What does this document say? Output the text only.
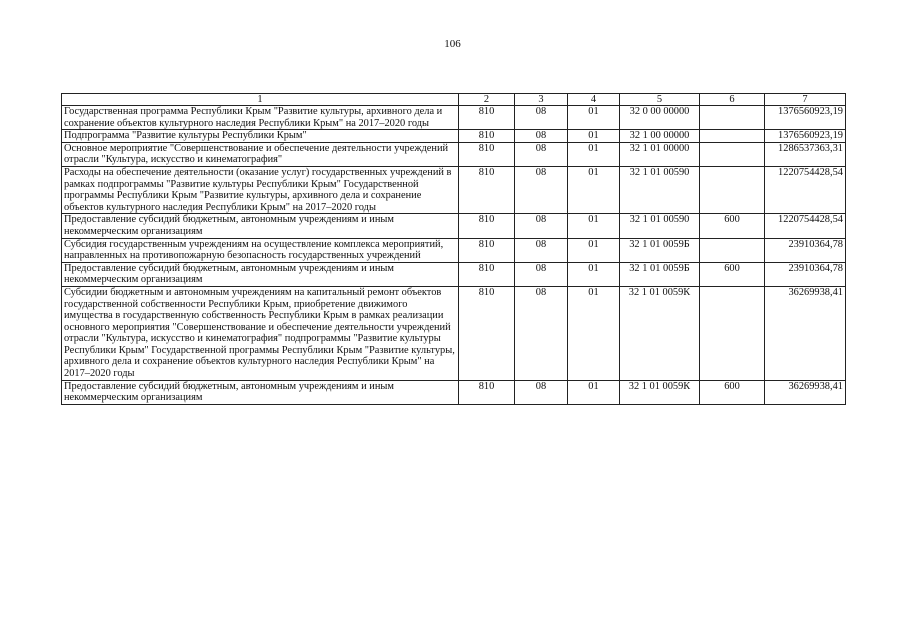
106
1	2	3	4	5	6	7
Государственная программа Республики Крым "Развитие культуры, архивного дела и сохранение объектов культурного наследия Республики Крым" на 2017–2020 годы	810	08	01	32 0 00 00000		1376560923,19
Подпрограмма "Развитие культуры Республики Крым"	810	08	01	32 1 00 00000		1376560923,19
Основное мероприятие "Совершенствование и обеспечение деятельности учреждений отрасли "Культура, искусство и кинематография"	810	08	01	32 1 01 00000		1286537363,31
Расходы на обеспечение деятельности (оказание услуг) государственных учреждений в рамках подпрограммы "Развитие культуры Республики Крым" Государственной программы Республики Крым "Развитие культуры, архивного дела и сохранение объектов культурного наследия Республики Крым" на 2017–2020 годы	810	08	01	32 1 01 00590		1220754428,54
Предоставление субсидий бюджетным, автономным учреждениям и иным некоммерческим организациям	810	08	01	32 1 01 00590	600	1220754428,54
Субсидия государственным учреждениям на осуществление комплекса мероприятий, направленных на противопожарную безопасность государственных учреждений	810	08	01	32 1 01 0059Б		23910364,78
Предоставление субсидий бюджетным, автономным учреждениям и иным некоммерческим организациям	810	08	01	32 1 01 0059Б	600	23910364,78
Субсидии бюджетным и автономным учреждениям на капитальный ремонт объектов государственной собственности Республики Крым, приобретение движимого имущества в государственную собственность Республики Крым в рамках реализации основного мероприятия "Совершенствование и обеспечение деятельности учреждений отрасли "Культура, искусство и кинематография" подпрограммы "Развитие культуры Республики Крым" Государственной программы Республики Крым "Развитие культуры, архивного дела и сохранение объектов культурного наследия Республики Крым" на 2017–2020 годы	810	08	01	32 1 01 0059К		36269938,41
Предоставление субсидий бюджетным, автономным учреждениям и иным некоммерческим организациям	810	08	01	32 1 01 0059К	600	36269938,41
